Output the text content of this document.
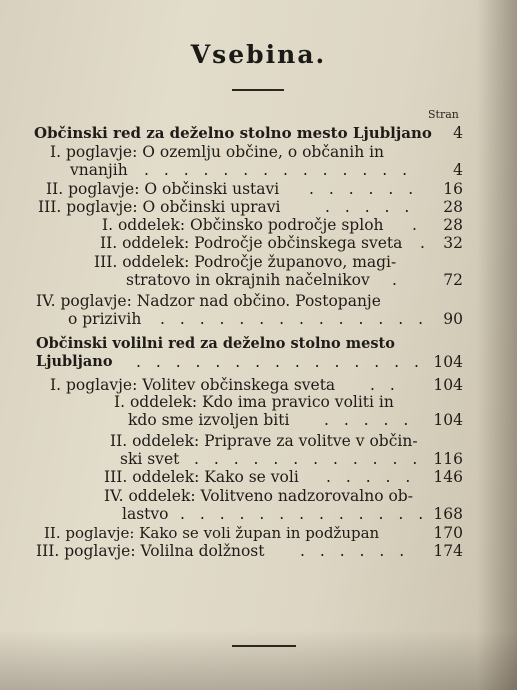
Vsebina.
Stran
Občinski red za deželno stolno mesto Ljubljano	4
I. poglavje: O ozemlju občine, o občanih in
vnanjih . . . . . . . . . . . . . .	4
II. poglavje: O občinski ustavi . . . . . .	16
III. poglavje: O občinski upravi	. . . . .	28
I. oddelek: Občinsko področje sploh .	28
II. oddelek: Področje občinskega sveta . 32
III. oddelek: Področje županovo, magi-
stratovo in okrajnih načelnikov .	72
IV. poglavje: Nadzor nad občino. Postopanje
o prizivih . . . . . . . . . . . . . . 90
Občinski volilni red za deželno stolno mesto
Ljubljano . . . . . . . . . . . . . . . 104
I. poglavje: Volitev občinskega sveta . .	104
I. oddelek: Kdo ima pravico voliti in
kdo sme izvoljen biti . . . . .	104
II. oddelek: Priprave za volitve v občin-
ski svet . . . . . . . . . . . . 116
III. oddelek: Kako se voli . . . . .	146
IV. oddelek: Volitveno nadzorovalno ob-
lastvo . . . . . . . . . . . . . 168
II. poglavje: Kako se voli župan in podžupan	170
III. poglavje: Volilna dolžnost . . . . . .	174
